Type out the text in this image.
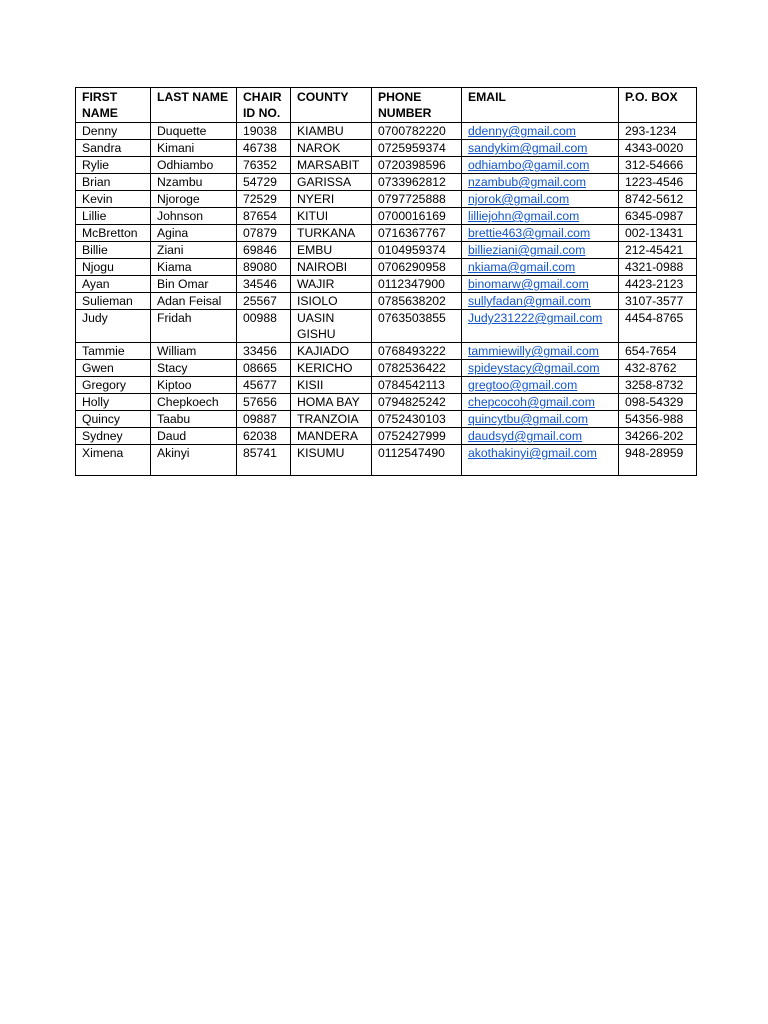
FIRST NAME	LAST NAME	CHAIR ID NO.	COUNTY	PHONE NUMBER	EMAIL	P.O. BOX
Denny	Duquette	19038	KIAMBU	0700782220	ddenny@gmail.com	293-1234
Sandra	Kimani	46738	NAROK	0725959374	sandykim@gmail.com	4343-0020
Rylie	Odhiambo	76352	MARSABIT	0720398596	odhiambo@gamil.com	312-54666
Brian	Nzambu	54729	GARISSA	0733962812	nzambub@gmail.com	1223-4546
Kevin	Njoroge	72529	NYERI	0797725888	njorok@gmail.com	8742-5612
Lillie	Johnson	87654	KITUI	0700016169	lilliejohn@gmail.com	6345-0987
McBretton	Agina	07879	TURKANA	0716367767	brettie463@gmail.com	002-13431
Billie	Ziani	69846	EMBU	0104959374	billieziani@gmail.com	212-45421
Njogu	Kiama	89080	NAIROBI	0706290958	nkiama@gmail.com	4321-0988
Ayan	Bin Omar	34546	WAJIR	0112347900	binomarw@gmail.com	4423-2123
Sulieman	Adan Feisal	25567	ISIOLO	0785638202	sullyfadan@gmail.com	3107-3577
Judy	Fridah	00988	UASIN GISHU	0763503855	Judy231222@gmail.com	4454-8765
Tammie	William	33456	KAJIADO	0768493222	tammiewilly@gmail.com	654-7654
Gwen	Stacy	08665	KERICHO	0782536422	spideystacy@gmail.com	432-8762
Gregory	Kiptoo	45677	KISII	0784542113	gregtoo@gmail.com	3258-8732
Holly	Chepkoech	57656	HOMA BAY	0794825242	chepcocoh@gmail.com	098-54329
Quincy	Taabu	09887	TRANZOIA	0752430103	quincytbu@gmail.com	54356-988
Sydney	Daud	62038	MANDERA	0752427999	daudsyd@gmail.com	34266-202
Ximena	Akinyi	85741	KISUMU	0112547490	akothakinyi@gmail.com	948-28959
